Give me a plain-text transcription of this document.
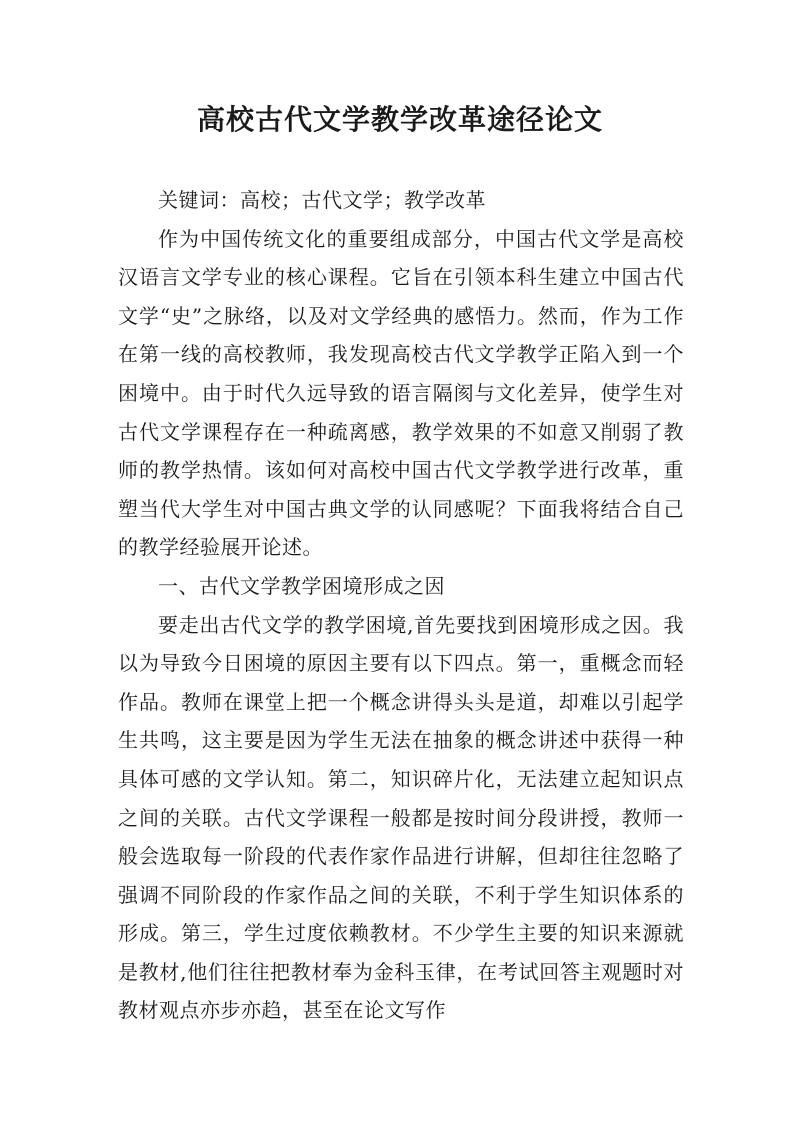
高校古代文学教学改革途径论文

关键词：高校；古代文学；教学改革

作为中国传统文化的重要组成部分，中国古代文学是高校汉语言文学专业的核心课程。它旨在引领本科生建立中国古代文学“史”之脉络，以及对文学经典的感悟力。然而，作为工作在第一线的高校教师，我发现高校古代文学教学正陷入到一个困境中。由于时代久远导致的语言隔阂与文化差异，使学生对古代文学课程存在一种疏离感，教学效果的不如意又削弱了教师的教学热情。该如何对高校中国古代文学教学进行改革，重塑当代大学生对中国古典文学的认同感呢？下面我将结合自己的教学经验展开论述。

一、古代文学教学困境形成之因

要走出古代文学的教学困境,首先要找到困境形成之因。我以为导致今日困境的原因主要有以下四点。第一，重概念而轻作品。教师在课堂上把一个概念讲得头头是道，却难以引起学生共鸣，这主要是因为学生无法在抽象的概念讲述中获得一种具体可感的文学认知。第二，知识碎片化，无法建立起知识点之间的关联。古代文学课程一般都是按时间分段讲授，教师一般会选取每一阶段的代表作家作品进行讲解，但却往往忽略了强调不同阶段的作家作品之间的关联，不利于学生知识体系的形成。第三，学生过度依赖教材。不少学生主要的知识来源就是教材,他们往往把教材奉为金科玉律，在考试回答主观题时对教材观点亦步亦趋，甚至在论文写作
